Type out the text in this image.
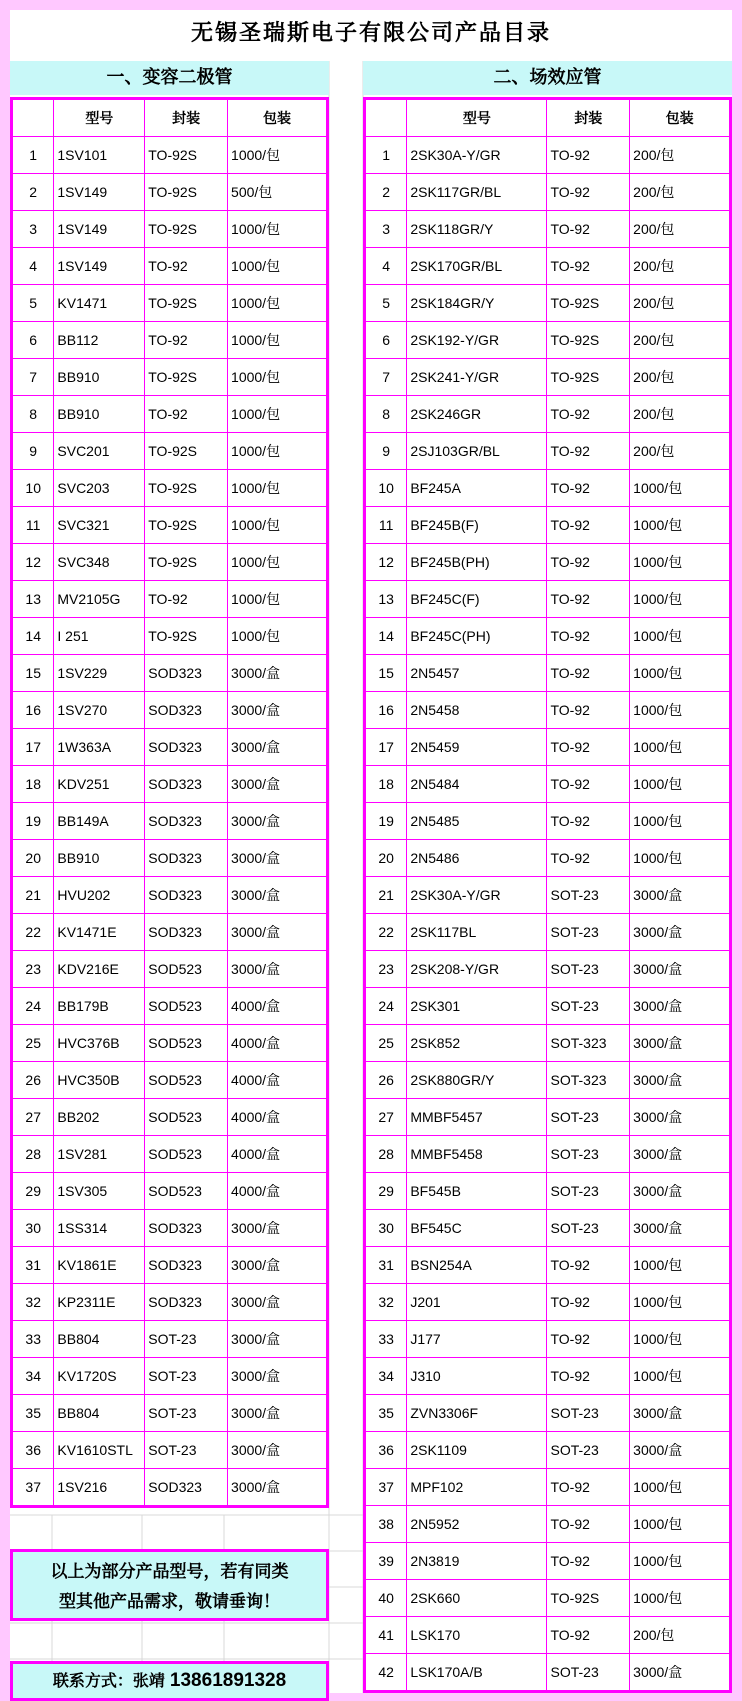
无锡圣瑞斯电子有限公司产品目录
一、变容二极管	二、场效应管
	型号	封装	包装
1	1SV101	TO-92S	1000/包
2	1SV149	TO-92S	500/包
3	1SV149	TO-92S	1000/包
4	1SV149	TO-92	1000/包
5	KV1471	TO-92S	1000/包
6	BB112	TO-92	1000/包
7	BB910	TO-92S	1000/包
8	BB910	TO-92	1000/包
9	SVC201	TO-92S	1000/包
10	SVC203	TO-92S	1000/包
11	SVC321	TO-92S	1000/包
12	SVC348	TO-92S	1000/包
13	MV2105G	TO-92	1000/包
14	I 251	TO-92S	1000/包
15	1SV229	SOD323	3000/盒
16	1SV270	SOD323	3000/盒
17	1W363A	SOD323	3000/盒
18	KDV251	SOD323	3000/盒
19	BB149A	SOD323	3000/盒
20	BB910	SOD323	3000/盒
21	HVU202	SOD323	3000/盒
22	KV1471E	SOD323	3000/盒
23	KDV216E	SOD523	3000/盒
24	BB179B	SOD523	4000/盒
25	HVC376B	SOD523	4000/盒
26	HVC350B	SOD523	4000/盒
27	BB202	SOD523	4000/盒
28	1SV281	SOD523	4000/盒
29	1SV305	SOD523	4000/盒
30	1SS314	SOD323	3000/盒
31	KV1861E	SOD323	3000/盒
32	KP2311E	SOD323	3000/盒
33	BB804	SOT-23	3000/盒
34	KV1720S	SOT-23	3000/盒
35	BB804	SOT-23	3000/盒
36	KV1610STL	SOT-23	3000/盒
37	1SV216	SOD323	3000/盒
	型号	封装	包装
1	2SK30A-Y/GR	TO-92	200/包
2	2SK117GR/BL	TO-92	200/包
3	2SK118GR/Y	TO-92	200/包
4	2SK170GR/BL	TO-92	200/包
5	2SK184GR/Y	TO-92S	200/包
6	2SK192-Y/GR	TO-92S	200/包
7	2SK241-Y/GR	TO-92S	200/包
8	2SK246GR	TO-92	200/包
9	2SJ103GR/BL	TO-92	200/包
10	BF245A	TO-92	1000/包
11	BF245B(F)	TO-92	1000/包
12	BF245B(PH)	TO-92	1000/包
13	BF245C(F)	TO-92	1000/包
14	BF245C(PH)	TO-92	1000/包
15	2N5457	TO-92	1000/包
16	2N5458	TO-92	1000/包
17	2N5459	TO-92	1000/包
18	2N5484	TO-92	1000/包
19	2N5485	TO-92	1000/包
20	2N5486	TO-92	1000/包
21	2SK30A-Y/GR	SOT-23	3000/盒
22	2SK117BL	SOT-23	3000/盒
23	2SK208-Y/GR	SOT-23	3000/盒
24	2SK301	SOT-23	3000/盒
25	2SK852	SOT-323	3000/盒
26	2SK880GR/Y	SOT-323	3000/盒
27	MMBF5457	SOT-23	3000/盒
28	MMBF5458	SOT-23	3000/盒
29	BF545B	SOT-23	3000/盒
30	BF545C	SOT-23	3000/盒
31	BSN254A	TO-92	1000/包
32	J201	TO-92	1000/包
33	J177	TO-92	1000/包
34	J310	TO-92	1000/包
35	ZVN3306F	SOT-23	3000/盒
36	2SK1109	SOT-23	3000/盒
37	MPF102	TO-92	1000/包
38	2N5952	TO-92	1000/包
39	2N3819	TO-92	1000/包
40	2SK660	TO-92S	1000/包
41	LSK170	TO-92	200/包
42	LSK170A/B	SOT-23	3000/盒
以上为部分产品型号，若有同类
型其他产品需求，敬请垂询！
联系方式：张靖 13861891328
